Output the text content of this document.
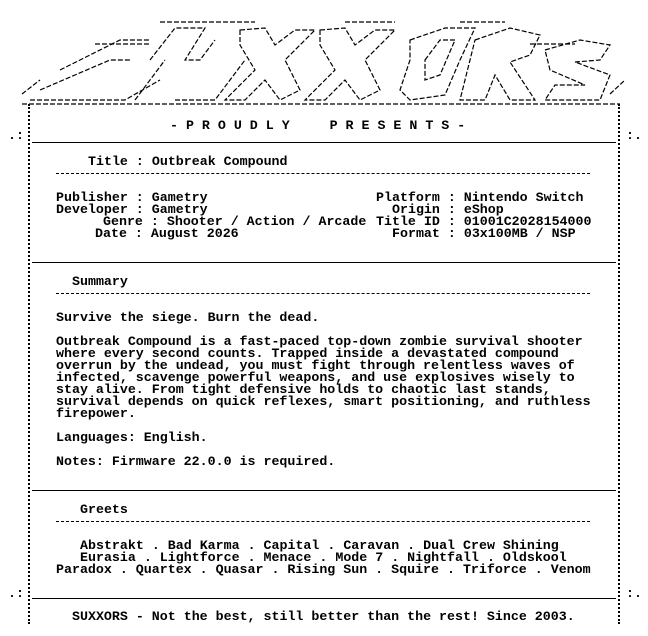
.:	:.
.:	:.
- P R O U D L Y     P R E S E N T S -
Title : Outbreak Compound
Publisher : Gametry
Developer : Gametry
Genre : Shooter / Action / Arcade
Date : August 2026
Platform : Nintendo Switch
Origin : eShop
Title ID : 01001C2028154000
Format : 03x100MB / NSP
Summary
Survive the siege. Burn the dead.
Outbreak Compound is a fast-paced top-down zombie survival shooter
where every second counts. Trapped inside a devastated compound
overrun by the undead, you must fight through relentless waves of
infected, scavenge powerful weapons, and use explosives wisely to
stay alive. From tight defensive holds to chaotic last stands,
survival depends on quick reflexes, smart positioning, and ruthless
firepower.
Languages: English.
Notes: Firmware 22.0.0 is required.
Greets
Abstrakt . Bad Karma . Capital . Caravan . Dual Crew Shining
Eurasia . Lightforce . Menace . Mode 7 . Nightfall . Oldskool
Paradox . Quartex . Quasar . Rising Sun . Squire . Triforce . Venom
SUXXORS - Not the best, still better than the rest! Since 2003.
